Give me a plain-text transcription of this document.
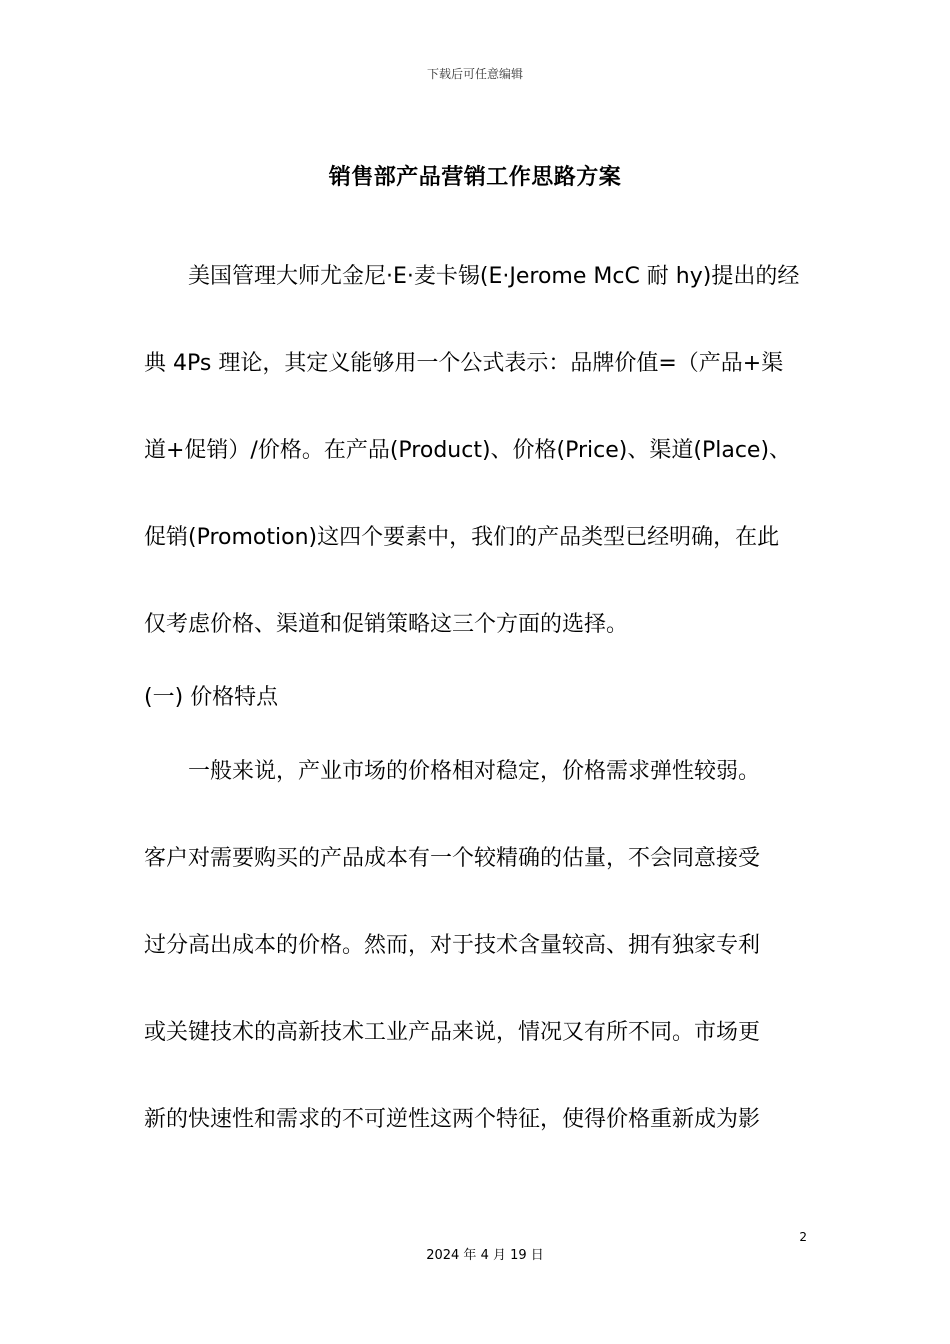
下载后可任意编辑
销售部产品营销工作思路方案
美国管理大师尤金尼·E·麦卡锡(E·Jerome McC 耐 hy)提出的经
典 4Ps 理论，其定义能够用一个公式表示：品牌价值=（产品+渠
道+促销）/价格。在产品(Product)、价格(Price)、渠道(Place)、
促销(Promotion)这四个要素中，我们的产品类型已经明确，在此
仅考虑价格、渠道和促销策略这三个方面的选择。
(一) 价格特点
一般来说，产业市场的价格相对稳定，价格需求弹性较弱。
客户对需要购买的产品成本有一个较精确的估量，不会同意接受
过分高出成本的价格。然而，对于技术含量较高、拥有独家专利
或关键技术的高新技术工业产品来说，情况又有所不同。市场更
新的快速性和需求的不可逆性这两个特征，使得价格重新成为影
2
2024 年 4 月 19 日
